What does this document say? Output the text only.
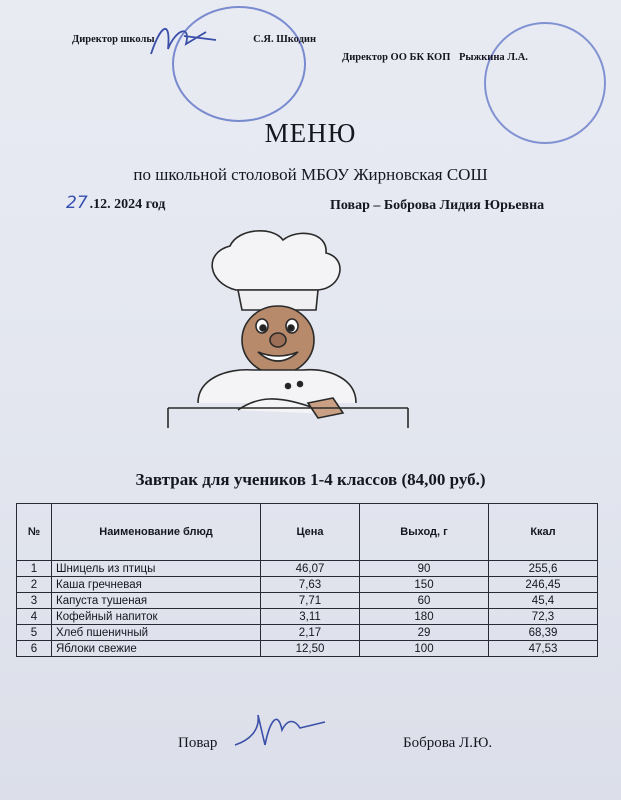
Директор школы	С.Я. Шкодин
Директор ОО БК КОП Рыжкина Л.А.
МЕНЮ
по школьной столовой МБОУ Жирновская СОШ
27 .12. 2024 год	Повар – Боброва Лидия Юрьевна
Завтрак для учеников 1-4 классов (84,00 руб.)
№	Наименование блюд	Цена	Выход, г	Ккал
1	Шницель из птицы	46,07	90	255,6
2	Каша гречневая	7,63	150	246,45
3	Капуста тушеная	7,71	60	45,4
4	Кофейный напиток	3,11	180	72,3
5	Хлеб пшеничный	2,17	29	68,39
6	Яблоки свежие	12,50	100	47,53
Повар	Боброва Л.Ю.
